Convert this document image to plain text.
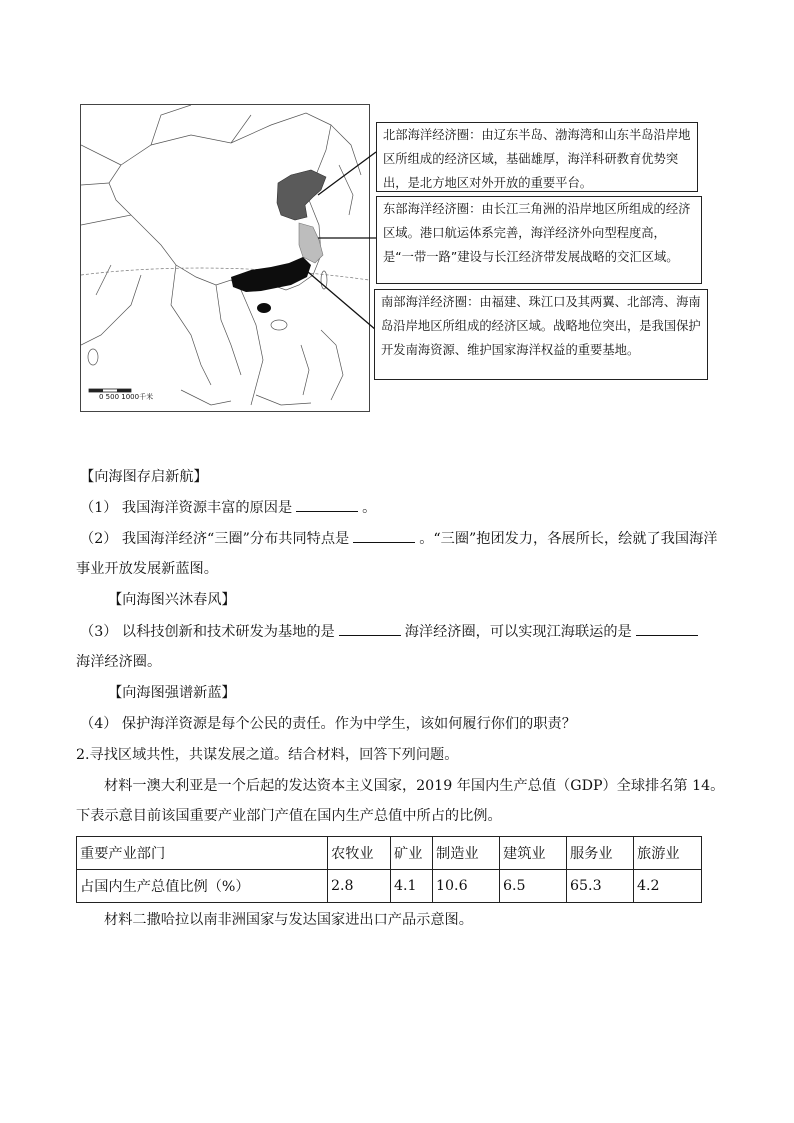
0 500 1000千米
北部海洋经济圈：由辽东半岛、渤海湾和山东半岛沿岸地区所组成的经济区域，基础雄厚，海洋科研教育优势突出，是北方地区对外开放的重要平台。
东部海洋经济圈：由长江三角洲的沿岸地区所组成的经济区域。港口航运体系完善，海洋经济外向型程度高，是“一带一路”建设与长江经济带发展战略的交汇区域。
南部海洋经济圈：由福建、珠江口及其两翼、北部湾、海南岛沿岸地区所组成的经济区域。战略地位突出，是我国保护开发南海资源、维护国家海洋权益的重要基地。
【向海图存启新航】
（1） 我国海洋资源丰富的原因是	。
（2） 我国海洋经济“三圈”分布共同特点是	。“三圈”抱团发力，各展所长，绘就了我国海洋
事业开放发展新蓝图。
【向海图兴沐春风】
（3） 以科技创新和技术研发为基地的是	海洋经济圈，可以实现江海联运的是
海洋经济圈。
【向海图强谱新蓝】
（4） 保护海洋资源是每个公民的责任。作为中学生，该如何履行你们的职责？
2.寻找区域共性，共谋发展之道。结合材料，回答下列问题。
材料一澳大利亚是一个后起的发达资本主义国家，2019 年国内生产总值（GDP）全球排名第 14。
下表示意目前该国重要产业部门产值在国内生产总值中所占的比例。
重要产业部门	农牧业	矿业	制造业	建筑业	服务业	旅游业
占国内生产总值比例（%）	2.8	4.1	10.6	6.5	65.3	4.2
材料二撒哈拉以南非洲国家与发达国家进出口产品示意图。
